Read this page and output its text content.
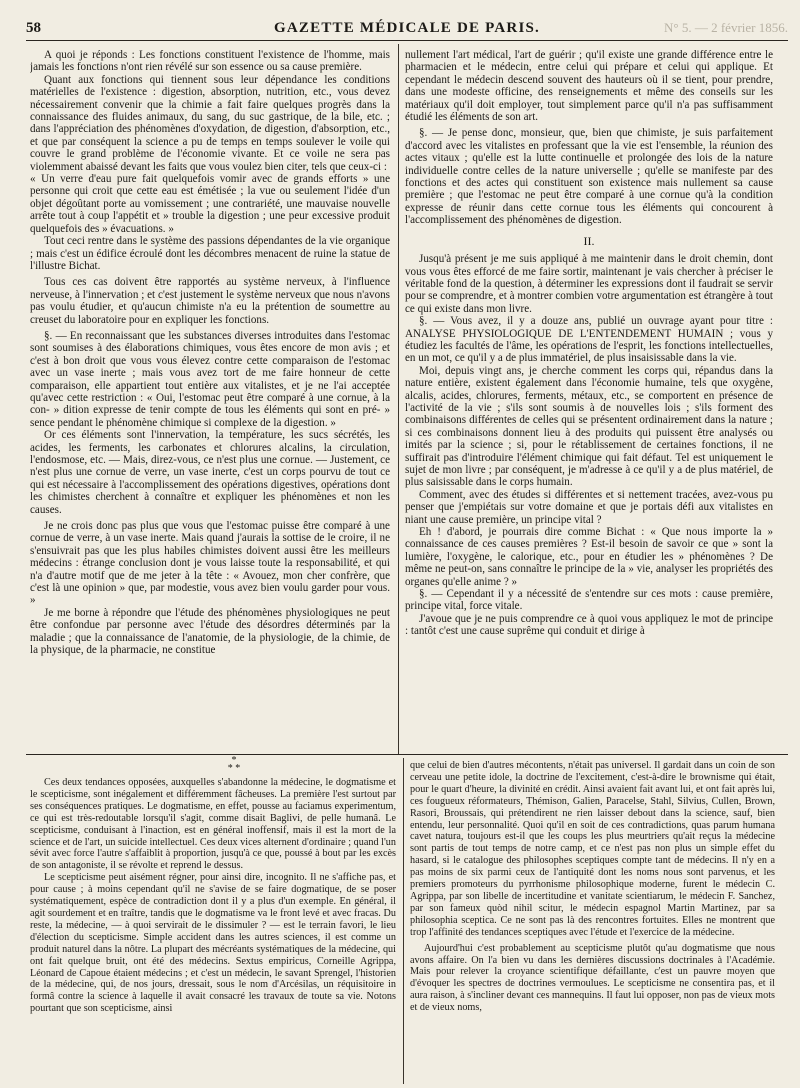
58	GAZETTE MÉDICALE DE PARIS.	N° 5. — 2 février 1856.

A quoi je réponds : Les fonctions constituent l'existence de l'homme, mais jamais les fonctions n'ont rien révélé sur son essence ou sa cause première.

Quant aux fonctions qui tiennent sous leur dépendance les conditions matérielles de l'existence : digestion, absorption, nutrition, etc., vous devez nécessairement convenir que la chimie a fait faire quelques progrès dans la connaissance des fluides animaux, du sang, du suc gastrique, de la bile, etc. ; dans l'appréciation des phénomènes d'oxydation, de digestion, d'absorption, etc., et que par conséquent la science a pu de temps en temps soulever le voile qui couvre le grand problème de l'économie vivante. Et ce voile ne sera pas violemment abaissé devant les faits que vous voulez bien citer, tels que ceux-ci :

« Un verre d'eau pure fait quelquefois vomir avec de grands efforts » une personne qui croit que cette eau est émétisée ; la vue ou seulement l'idée d'un objet dégoûtant porte au vomissement ; une contrariété, une mauvaise nouvelle arrête tout à coup l'appétit et » trouble la digestion ; une peur excessive produit quelquefois des » évacuations. »

Tout ceci rentre dans le système des passions dépendantes de la vie organique ; mais c'est un édifice écroulé dont les décombres menacent de ruine la statue de l'illustre Bichat.

Tous ces cas doivent être rapportés au système nerveux, à l'influence nerveuse, à l'innervation ; et c'est justement le système nerveux que nous n'avons pas voulu étudier, et qu'aucun chimiste n'a eu la prétention de soumettre au creuset du laboratoire pour en expliquer les fonctions.

§. — En reconnaissant que les substances diverses introduites dans l'estomac sont soumises à des élaborations chimiques, vous êtes encore de mon avis ; et c'est à bon droit que vous vous élevez contre cette comparaison de l'estomac avec un vase inerte ; mais vous avez tort de me faire honneur de cette comparaison, elle appartient tout entière aux vitalistes, et je ne l'ai acceptée qu'avec cette restriction : « Oui, l'estomac peut être comparé à une cornue, à la con- » dition expresse de tenir compte de tous les éléments qui sont en pré- » sence pendant le phénomène chimique si complexe de la digestion. »

Or ces éléments sont l'innervation, la température, les sucs sécrétés, les acides, les ferments, les carbonates et chlorures alcalins, la circulation, l'endosmose, etc. — Mais, direz-vous, ce n'est plus une cornue. — Justement, ce n'est plus une cornue de verre, un vase inerte, c'est un corps pourvu de tout ce qui est nécessaire à l'accomplissement des opérations digestives, opérations dont les chimistes cherchent à connaître et expliquer les phénomènes et non les causes.

Je ne crois donc pas plus que vous que l'estomac puisse être comparé à une cornue de verre, à un vase inerte. Mais quand j'aurais la sottise de le croire, il ne s'ensuivrait pas que les plus habiles chimistes doivent aussi être les meilleurs médecins : étrange conclusion dont je vous laisse toute la responsabilité, et qui n'a d'autre motif que de me jeter à la tête : « Avouez, mon cher confrère, que c'est là une opinion » que, par modestie, vous avez bien voulu garder pour vous. »

Je me borne à répondre que l'étude des phénomènes physiologiques ne peut être confondue par personne avec l'étude des désordres déterminés par la maladie ; que la connaissance de l'anatomie, de la physiologie, de la chimie, de la physique, de la pharmacie, ne constitue

nullement l'art médical, l'art de guérir ; qu'il existe une grande différence entre le pharmacien et le médecin, entre celui qui prépare et celui qui applique. Et cependant le médecin descend souvent des hauteurs où il se tient, pour prendre, dans une modeste officine, des renseignements et même des conseils sur les matériaux qu'il doit employer, tout simplement parce qu'il n'a pas suffisamment étudié les éléments de son art.

§. — Je pense donc, monsieur, que, bien que chimiste, je suis parfaitement d'accord avec les vitalistes en professant que la vie est l'ensemble, la réunion des actes vitaux ; qu'elle est la lutte continuelle et prolongée des lois de la nature individuelle contre celles de la nature universelle ; qu'elle se manifeste par des fonctions et des actes qui constituent son existence mais nullement sa cause première ; que l'estomac ne peut être comparé à une cornue qu'à la condition expresse de réunir dans cette cornue tous les éléments qui concourent à l'accomplissement des phénomènes de digestion.

II.

Jusqu'à présent je me suis appliqué à me maintenir dans le droit chemin, dont vous vous êtes efforcé de me faire sortir, maintenant je vais chercher à préciser le véritable fond de la question, à déterminer les expressions dont il faudrait se servir pour se comprendre, et à montrer combien votre argumentation est étrangère à tout ce qui existe dans mon livre.

§. — Vous avez, il y a douze ans, publié un ouvrage ayant pour titre : ANALYSE PHYSIOLOGIQUE DE L'ENTENDEMENT HUMAIN ; vous y étudiez les facultés de l'âme, les opérations de l'esprit, les fonctions intellectuelles, en un mot, ce qu'il y a de plus immatériel, de plus insaisissable dans la vie.

Moi, depuis vingt ans, je cherche comment les corps qui, répandus dans la nature entière, existent également dans l'économie humaine, tels que oxygène, alcalis, acides, chlorures, ferments, métaux, etc., se comportent en présence de l'activité de la vie ; s'ils sont soumis à de nouvelles lois ; s'ils forment des combinaisons différentes de celles qui se présentent ordinairement dans la nature ; si ces combinaisons donnent lieu à des produits qui puissent être analysés ou imités par la science ; si, pour le rétablissement de certaines fonctions, il ne suffirait pas d'introduire l'élément chimique qui fait défaut. Tel est uniquement le sujet de mon livre ; par conséquent, je m'adresse à ce qu'il y a de plus matériel, de plus saisissable dans le corps humain.

Comment, avec des études si différentes et si nettement tracées, avez-vous pu penser que j'empiétais sur votre domaine et que je portais défi aux vitalistes en niant une cause première, un principe vital ?

Eh ! d'abord, je pourrais dire comme Bichat : « Que nous importe la » connaissance de ces causes premières ? Est-il besoin de savoir ce que » sont la lumière, l'oxygène, le calorique, etc., pour en étudier les » phénomènes ? De même ne peut-on, sans connaître le principe de la » vie, analyser les propriétés des organes qu'elle anime ? »

§. — Cependant il y a nécessité de s'entendre sur ces mots : cause première, principe vital, force vitale.

J'avoue que je ne puis comprendre ce à quoi vous appliquez le mot de principe : tantôt c'est une cause suprême qui conduit et dirige à

*
* *

Ces deux tendances opposées, auxquelles s'abandonne la médecine, le dogmatisme et le scepticisme, sont inégalement et différemment fâcheuses. La première l'est surtout par ses conséquences pratiques. Le dogmatisme, en effet, pousse au faciamus experimentum, ce qui est très-redoutable lorsqu'il s'agit, comme disait Baglivi, de pelle humanâ. Le scepticisme, conduisant à l'inaction, est en général inoffensif, mais il est la mort de la science et de l'art, un suicide intellectuel. Ces deux vices alternent d'ordinaire ; quand l'un sévit avec force l'autre s'affaiblit à proportion, jusqu'à ce que, poussé à bout par les excès de son antagoniste, il se révolte et reprend le dessus.

Le scepticisme peut aisément régner, pour ainsi dire, incognito. Il ne s'affiche pas, et pour cause ; à moins cependant qu'il ne s'avise de se faire dogmatique, de se poser systématiquement, espèce de contradiction dont il y a plus d'un exemple. En général, il agit sourdement et en traître, tandis que le dogmatisme va le front levé et avec fracas. Du reste, la médecine, — à quoi servirait de le dissimuler ? — est le terrain favori, le lieu d'élection du scepticisme. Simple accident dans les autres sciences, il est comme un produit naturel dans la nôtre. La plupart des mécréants systématiques de la médecine, qui ont fait quelque bruit, ont été des médecins. Sextus empiricus, Corneille Agrippa, Léonard de Capoue étaient médecins ; et c'est un médecin, le savant Sprengel, l'historien de la médecine, qui, de nos jours, dressait, sous le nom d'Arcésilas, un réquisitoire in formâ contre la science à laquelle il avait consacré les travaux de toute sa vie. Notons pourtant que son scepticisme, ainsi

que celui de bien d'autres mécontents, n'était pas universel. Il gardait dans un coin de son cerveau une petite idole, la doctrine de l'excitement, c'est-à-dire le brownisme qui était, pour le quart d'heure, la divinité en crédit. Ainsi avaient fait avant lui, et ont fait après lui, ces fougueux réformateurs, Thémison, Galien, Paracelse, Stahl, Silvius, Cullen, Brown, Rasori, Broussais, qui prétendirent ne rien laisser debout dans la science, sauf, bien entendu, leur personnalité. Quoi qu'il en soit de ces contradictions, quas parum humana cavet natura, toujours est-il que les coups les plus meurtriers qu'ait reçus la médecine sont partis de tout temps de notre camp, et ce n'est pas non plus un simple effet du hasard, si le catalogue des philosophes sceptiques compte tant de médecins. Il n'y en a pas moins de six parmi ceux de l'antiquité dont les noms nous sont parvenus, et les premiers promoteurs du pyrrhonisme philosophique moderne, furent le médecin C. Agrippa, par son libelle de incertitudine et vanitate scientiarum, le médecin F. Sanchez, par son fameux quòd nihil scitur, le médecin espagnol Martin Martinez, par sa philosophia sceptica. Ce ne sont pas là des rencontres fortuites. Elles ne montrent que trop l'affinité des tendances sceptiques avec l'étude et l'exercice de la médecine.

Aujourd'hui c'est probablement au scepticisme plutôt qu'au dogmatisme que nous avons affaire. On l'a bien vu dans les dernières discussions doctrinales à l'Académie. Mais pour relever la croyance scientifique défaillante, c'est un pauvre moyen que d'évoquer les spectres de doctrines vermoulues. Le scepticisme ne consentira pas, et il aura raison, à s'incliner devant ces mannequins. Il faut lui opposer, non pas de vieux mots et de vieux noms,
